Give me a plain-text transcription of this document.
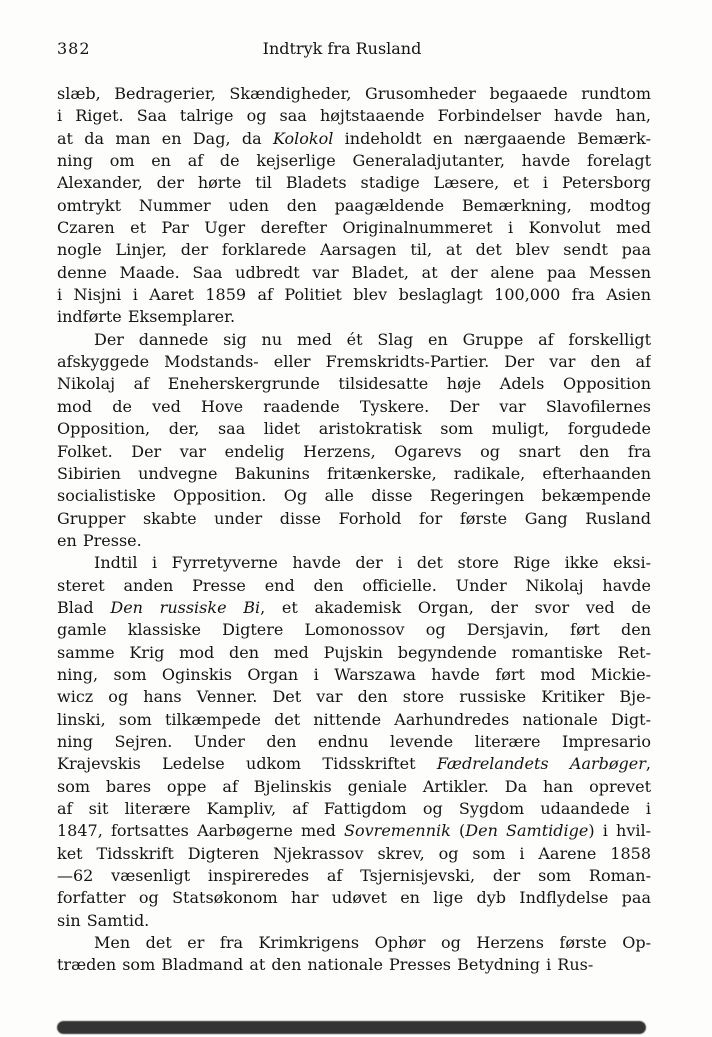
382	Indtryk fra Rusland
slæb, Bedragerier, Skændigheder, Grusomheder begaaede rundtom
i Riget. Saa talrige og saa højtstaaende Forbindelser havde han,
at da man en Dag, da Kolokol indeholdt en nærgaaende Bemærk-
ning om en af de kejserlige Generaladjutanter, havde forelagt
Alexander, der hørte til Bladets stadige Læsere, et i Petersborg
omtrykt Nummer uden den paagældende Bemærkning, modtog
Czaren et Par Uger derefter Originalnummeret i Konvolut med
nogle Linjer, der forklarede Aarsagen til, at det blev sendt paa
denne Maade. Saa udbredt var Bladet, at der alene paa Messen
i Nisjni i Aaret 1859 af Politiet blev beslaglagt 100,000 fra Asien
indførte Eksemplarer.
Der dannede sig nu med ét Slag en Gruppe af forskelligt
afskyggede Modstands- eller Fremskridts-Partier. Der var den af
Nikolaj af Eneherskergrunde tilsidesatte høje Adels Opposition
mod de ved Hove raadende Tyskere. Der var Slavofilernes
Opposition, der, saa lidet aristokratisk som muligt, forgudede
Folket. Der var endelig Herzens, Ogarevs og snart den fra
Sibirien undvegne Bakunins fritænkerske, radikale, efterhaanden
socialistiske Opposition. Og alle disse Regeringen bekæmpende
Grupper skabte under disse Forhold for første Gang Rusland
en Presse.
Indtil i Fyrretyverne havde der i det store Rige ikke eksi-
steret anden Presse end den officielle. Under Nikolaj havde
Blad Den russiske Bi, et akademisk Organ, der svor ved de
gamle klassiske Digtere Lomonossov og Dersjavin, ført den
samme Krig mod den med Pujskin begyndende romantiske Ret-
ning, som Oginskis Organ i Warszawa havde ført mod Mickie-
wicz og hans Venner. Det var den store russiske Kritiker Bje-
linski, som tilkæmpede det nittende Aarhundredes nationale Digt-
ning Sejren. Under den endnu levende literære Impresario
Krajevskis Ledelse udkom Tidsskriftet Fædrelandets Aarbøger,
som bares oppe af Bjelinskis geniale Artikler. Da han oprevet
af sit literære Kampliv, af Fattigdom og Sygdom udaandede i
1847, fortsattes Aarbøgerne med Sovremennik (Den Samtidige) i hvil-
ket Tidsskrift Digteren Njekrassov skrev, og som i Aarene 1858
—62 væsenligt inspireredes af Tsjernisjevski, der som Roman-
forfatter og Statsøkonom har udøvet en lige dyb Indflydelse paa
sin Samtid.
Men det er fra Krimkrigens Ophør og Herzens første Op-
træden som Bladmand at den nationale Presses Betydning i Rus-
